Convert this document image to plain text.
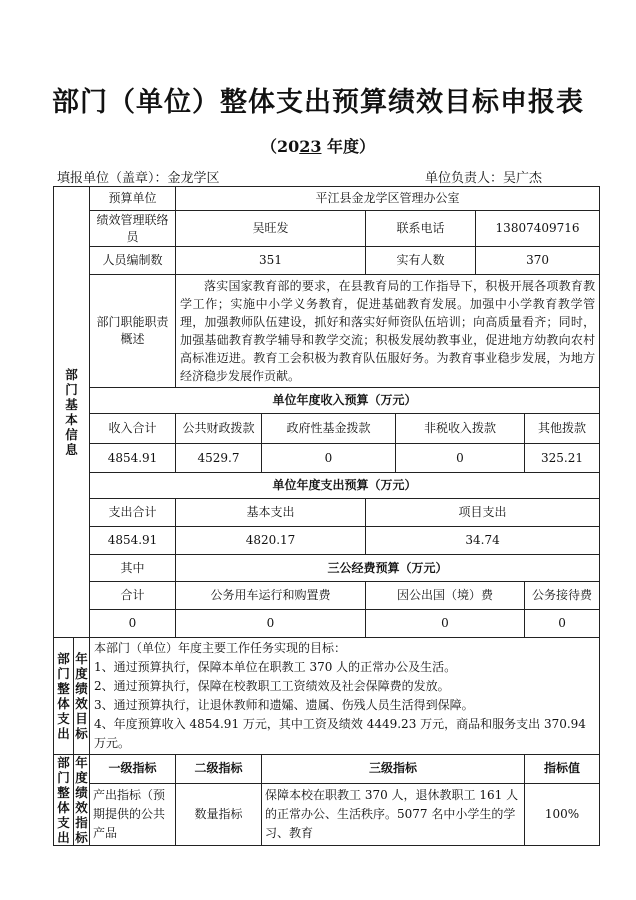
部门（单位）整体支出预算绩效目标申报表
（2023 年度）
填报单位（盖章）：金龙学区	单位负责人：吴广杰
部门基本信息		预算单位	平江县金龙学区管理办公室					
		绩效管理联络员	吴旺发		联系电话		13807409716	
		人员编制数	351		实有人数		370	
		部门职能职责概述	落实国家教育部的要求，在县教育局的工作指导下，积极开展各项教育教学工作；实施中小学义务教育，促进基础教育发展。加强中小学教育教学管理，加强教师队伍建设，抓好和落实好师资队伍培训；向高质量看齐；同时，加强基础教育教学辅导和教学交流；积极发展幼教事业，促进地方幼教向农村高标准迈进。教育工会积极为教育队伍服好务。为教育事业稳步发展，为地方经济稳步发展作贡献。					
		单位年度收入预算（万元）						
		收入合计	公共财政拨款	政府性基金拨款		非税收入拨款		其他拨款
		4854.91	4529.7	0		0		325.21
		单位年度支出预算（万元）						
		支出合计	基本支出		项目支出			
		4854.91	4820.17		34.74			
		其中	三公经费预算（万元）					
		合计	公务用车运行和购置费		因公出国（境）费			公务接待费
		0	0		0			0

部门整体支出	年度绩效目标	本部门（单位）年度主要工作任务实现的目标：
1、通过预算执行，保障本单位在职教工 370 人的正常办公及生活。
2、通过预算执行，保障在校教职工工资绩效及社会保障费的发放。
3、通过预算执行，让退休教师和遗孀、遗属、伤残人员生活得到保障。
4、年度预算收入 4854.91 万元，其中工资及绩效 4449.23 万元，商品和服务支出 370.94 万元。						

部门整体支出	年度绩效指标	一级指标	二级指标	三级指标				指标值
		产出指标（预期提供的公共产品	数量指标	保障本校在职教工 370 人，退休教职工 161 人的正常办公、生活秩序。5077 名中小学生的学习、教育				100%
